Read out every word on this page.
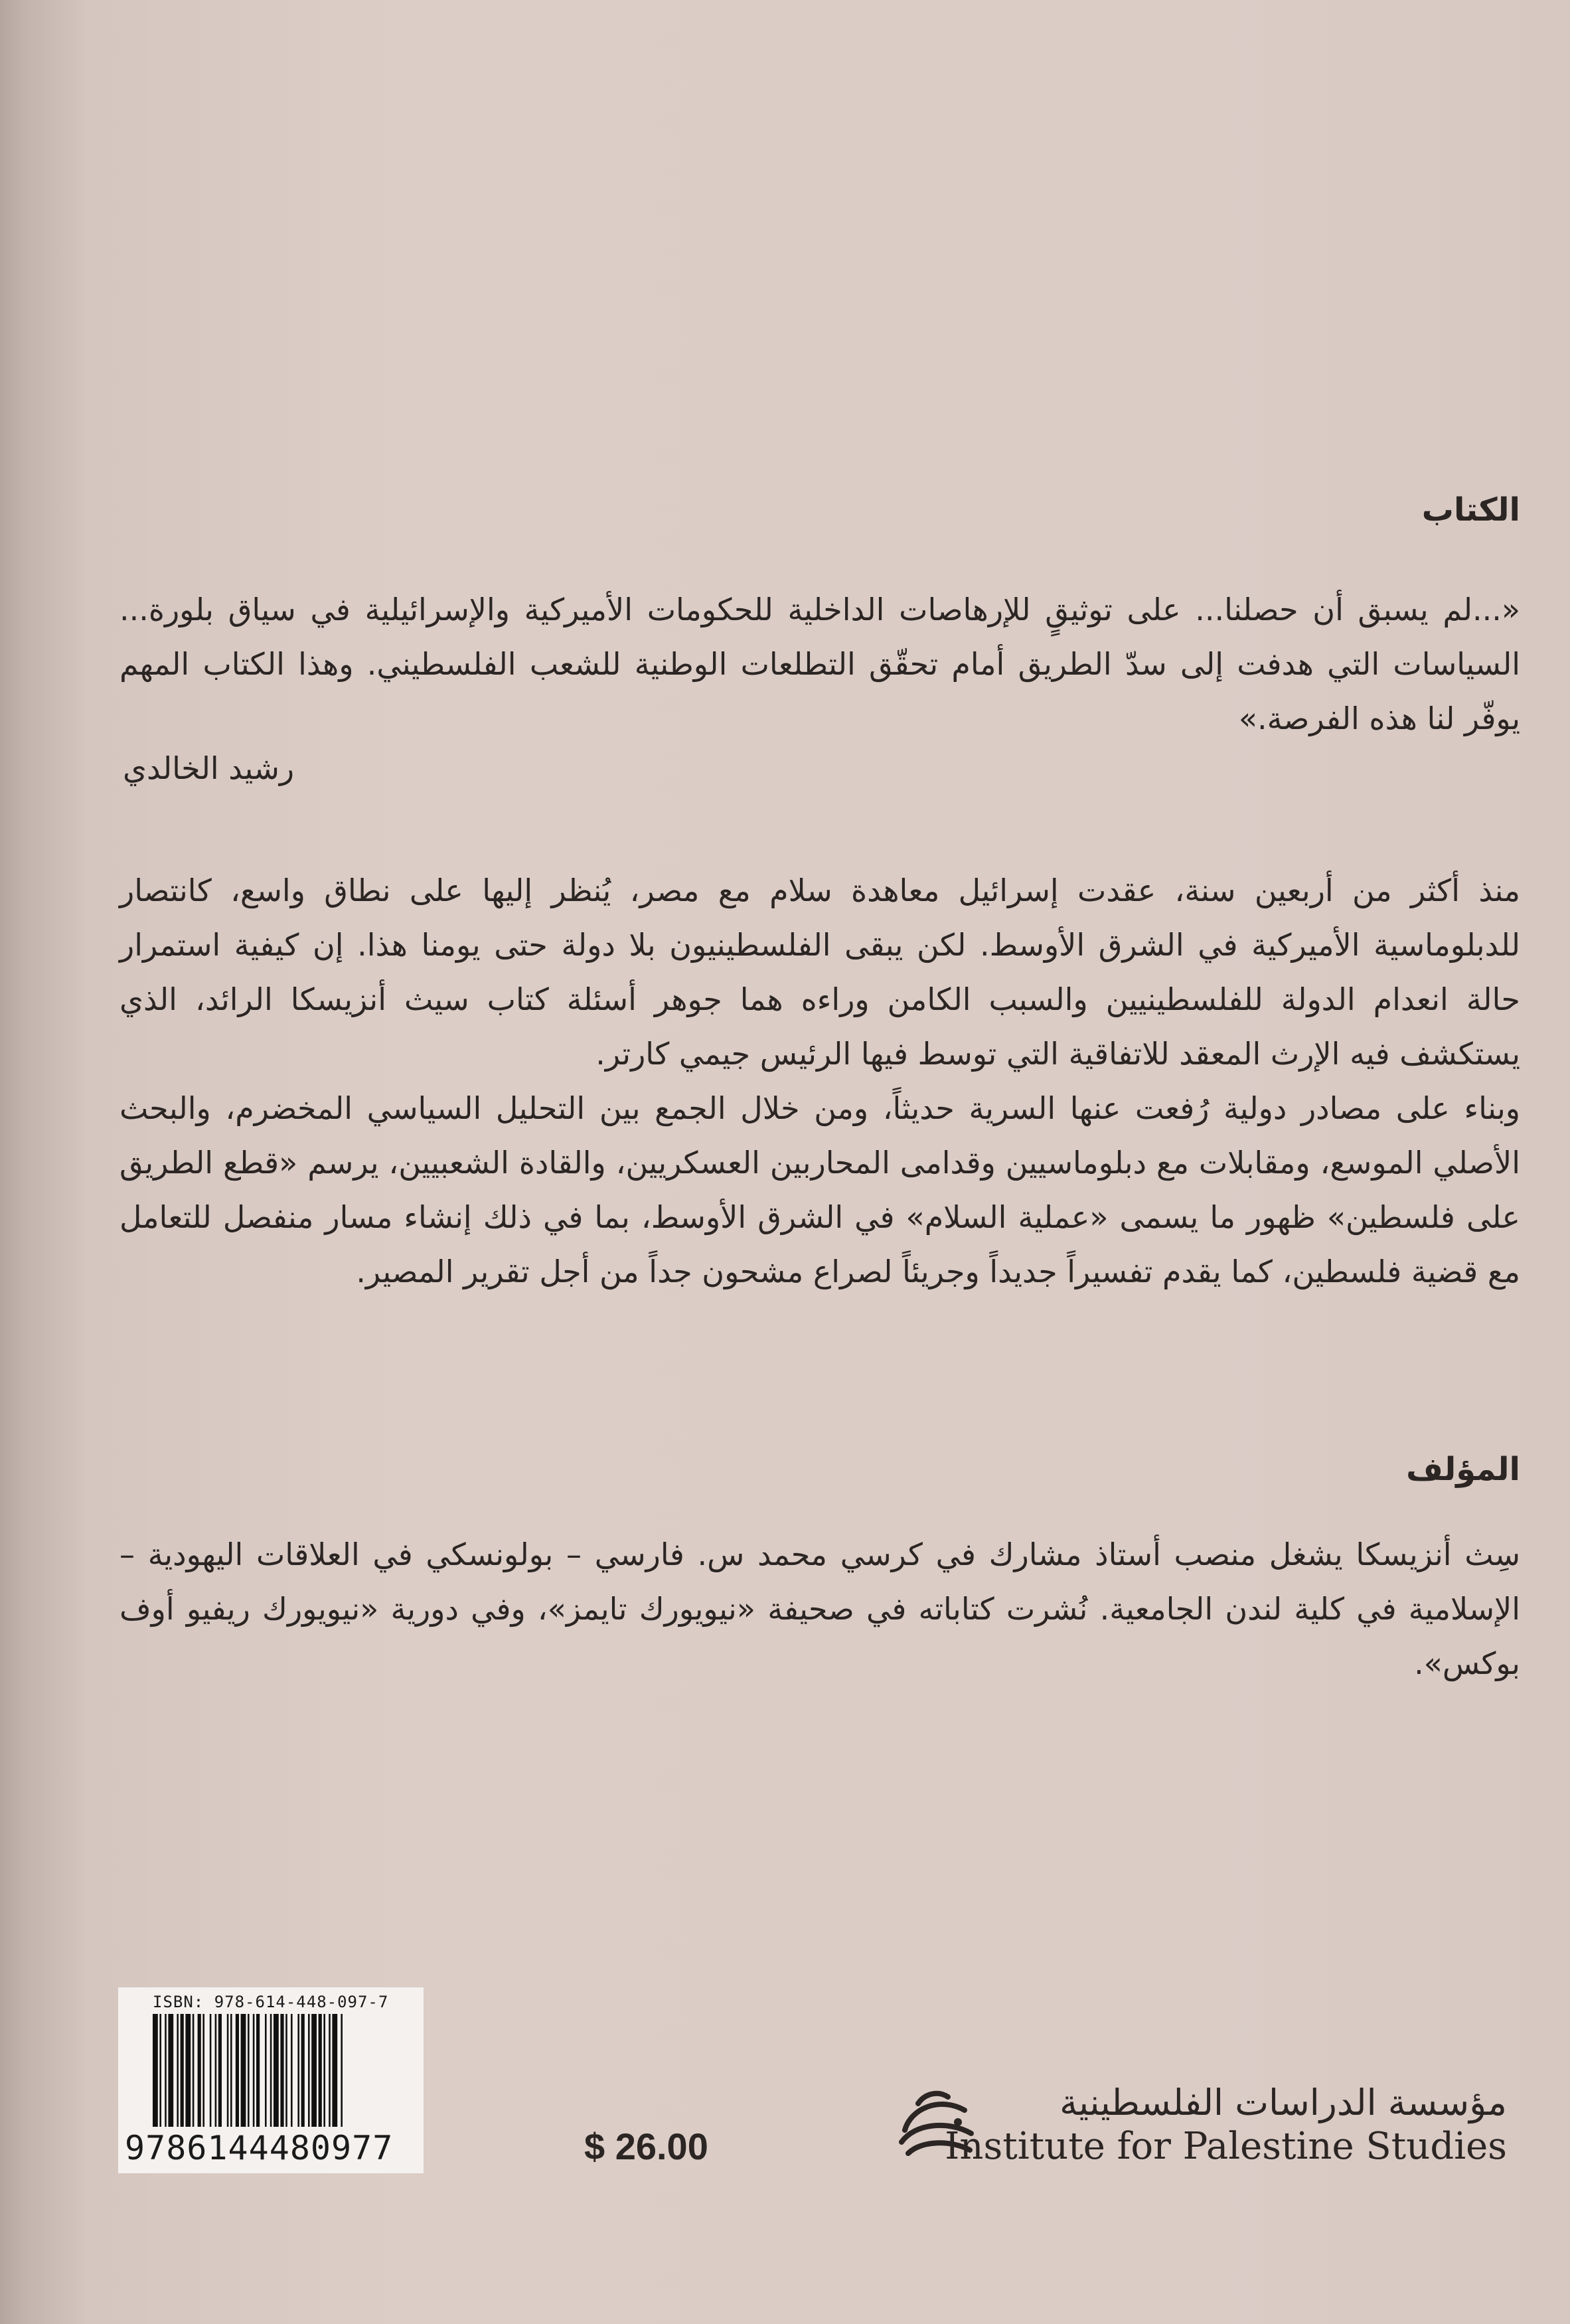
الكتاب
«...لم يسبق أن حصلنا... على توثيقٍ للإرهاصات الداخلية للحكومات الأميركية والإسرائيلية في سياق بلورة... السياسات التي هدفت إلى سدّ الطريق أمام تحقّق التطلعات الوطنية للشعب الفلسطيني. وهذا الكتاب المهم يوفّر لنا هذه الفرصة.»
رشيد الخالدي
منذ أكثر من أربعين سنة، عقدت إسرائيل معاهدة سلام مع مصر، يُنظر إليها على نطاق واسع، كانتصار للدبلوماسية الأميركية في الشرق الأوسط. لكن يبقى الفلسطينيون بلا دولة حتى يومنا هذا. إن كيفية استمرار حالة انعدام الدولة للفلسطينيين والسبب الكامن وراءه هما جوهر أسئلة كتاب سيث أنزيسكا الرائد، الذي يستكشف فيه الإرث المعقد للاتفاقية التي توسط فيها الرئيس جيمي كارتر.
وبناء على مصادر دولية رُفعت عنها السرية حديثاً، ومن خلال الجمع بين التحليل السياسي المخضرم، والبحث الأصلي الموسع، ومقابلات مع دبلوماسيين وقدامى المحاربين العسكريين، والقادة الشعبيين، يرسم «قطع الطريق على فلسطين» ظهور ما يسمى «عملية السلام» في الشرق الأوسط، بما في ذلك إنشاء مسار منفصل للتعامل مع قضية فلسطين، كما يقدم تفسيراً جديداً وجريئاً لصراع مشحون جداً من أجل تقرير المصير.
المؤلف
سِث أنزيسكا يشغل منصب أستاذ مشارك في كرسي محمد س. فارسي – بولونسكي في العلاقات اليهودية – الإسلامية في كلية لندن الجامعية. نُشرت كتاباته في صحيفة «نيويورك تايمز»، وفي دورية «نيويورك ريفيو أوف بوكس».
ISBN: 978-614-448-097-7
9786144480977	$ 26.00
مؤسسة الدراسات الفلسطينية
Institute for Palestine Studies
